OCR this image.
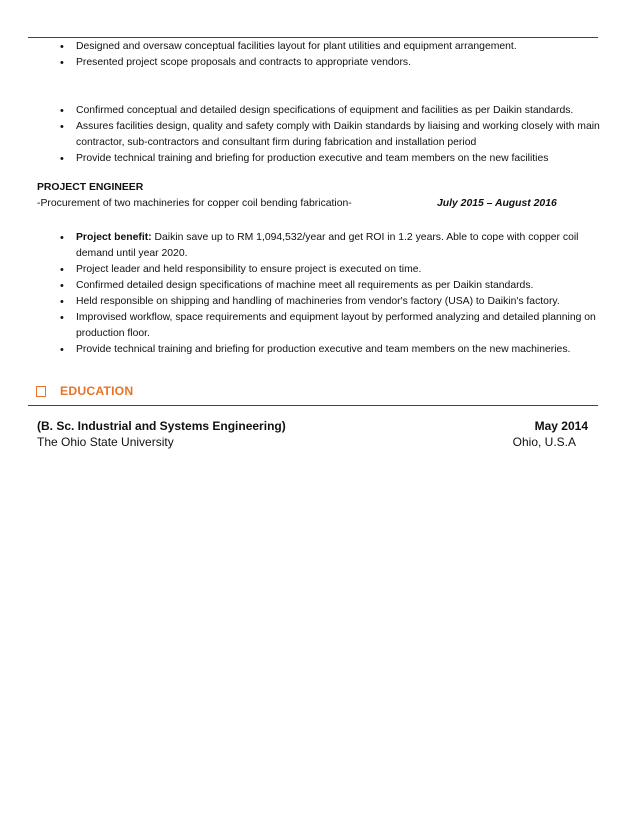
• Designed and oversaw conceptual facilities layout for plant utilities and equipment arrangement.
• Presented project scope proposals and contracts to appropriate vendors.
• Confirmed conceptual and detailed design specifications of equipment and facilities as per Daikin standards.
• Assures facilities design, quality and safety comply with Daikin standards by liaising and working closely with main contractor, sub-contractors and consultant firm during fabrication and installation period
• Provide technical training and briefing for production executive and team members on the new facilities
PROJECT ENGINEER
-Procurement of two machineries for copper coil bending fabrication-	July 2015 – August 2016
• Project benefit: Daikin save up to RM 1,094,532/year and get ROI in 1.2 years. Able to cope with copper coil demand until year 2020.
• Project leader and held responsibility to ensure project is executed on time.
• Confirmed detailed design specifications of machine meet all requirements as per Daikin standards.
• Held responsible on shipping and handling of machineries from vendor's factory (USA) to Daikin's factory.
• Improvised workflow, space requirements and equipment layout by performed analyzing and detailed planning on production floor.
• Provide technical training and briefing for production executive and team members on the new machineries.
EDUCATION
(B. Sc. Industrial and Systems Engineering)	May 2014
The Ohio State University	Ohio, U.S.A
